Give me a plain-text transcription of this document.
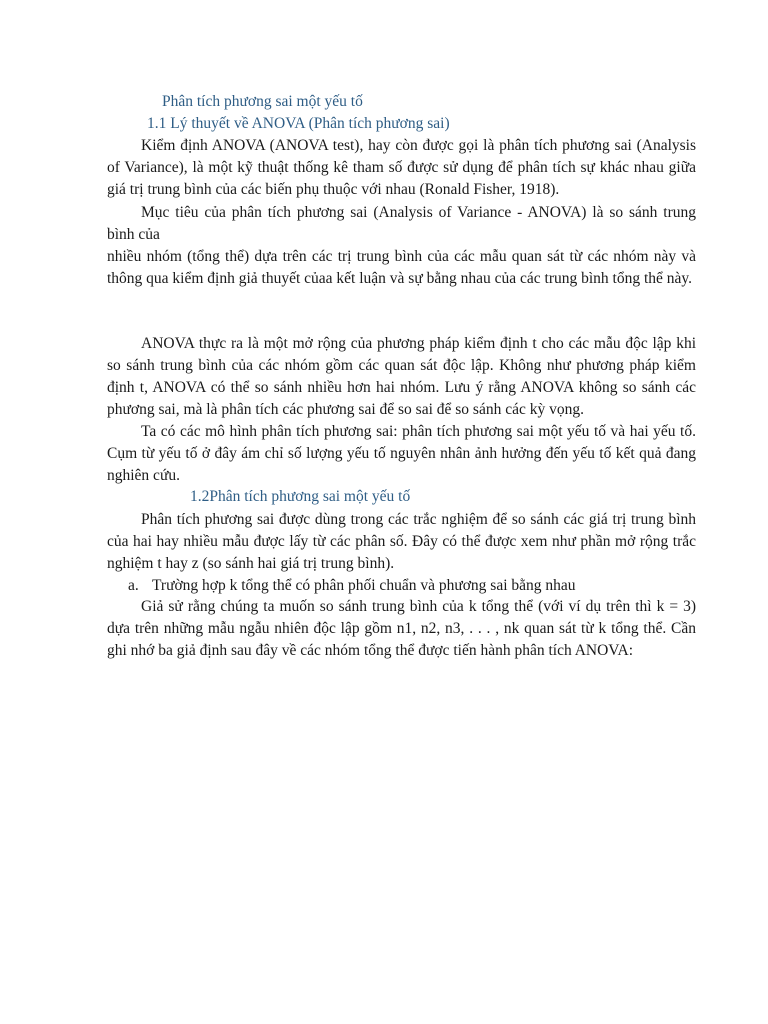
Phân tích phương sai một yếu tố
1.1 Lý thuyết về ANOVA (Phân tích phương sai)
Kiểm định ANOVA (ANOVA test), hay còn được gọi là phân tích phương sai (Analysis of Variance), là một kỹ thuật thống kê tham số được sử dụng để phân tích sự khác nhau giữa giá trị trung bình của các biến phụ thuộc với nhau (Ronald Fisher, 1918).
Mục tiêu của phân tích phương sai (Analysis of Variance - ANOVA) là so sánh trung bình của
nhiều nhóm (tổng thể) dựa trên các trị trung bình của các mẫu quan sát từ các nhóm này và thông qua kiểm định giả thuyết củaa kết luận và sự bằng nhau của các trung bình tổng thể này.
ANOVA thực ra là một mở rộng của phương pháp kiểm định t cho các mẫu độc lập khi so sánh trung bình của các nhóm gồm các quan sát độc lập. Không như phương pháp kiểm định t, ANOVA có thể so sánh nhiều hơn hai nhóm. Lưu ý rằng ANOVA không so sánh các phương sai, mà là phân tích các phương sai để so sai để so sánh các kỳ vọng.
Ta có các mô hình phân tích phương sai: phân tích phương sai một yếu tố và hai yếu tố. Cụm từ yếu tố ở đây ám chỉ số lượng yếu tố nguyên nhân ảnh hưởng đến yếu tố kết quả đang nghiên cứu.
1.2Phân tích phương sai một yếu tố
Phân tích phương sai được dùng trong các trắc nghiệm để so sánh các giá trị trung bình của hai hay nhiều mẫu được lấy từ các phân số. Đây có thể được xem như phần mở rộng trắc nghiệm t hay z (so sánh hai giá trị trung bình).
a. Trường hợp k tổng thể có phân phối chuẩn và phương sai bằng nhau
Giả sử rằng chúng ta muốn so sánh trung bình của k tổng thể (với ví dụ trên thì k = 3) dựa trên những mẫu ngẫu nhiên độc lập gồm n1, n2, n3, . . . , nk quan sát từ k tổng thể. Cần ghi nhớ ba giả định sau đây về các nhóm tổng thể được tiến hành phân tích ANOVA:
